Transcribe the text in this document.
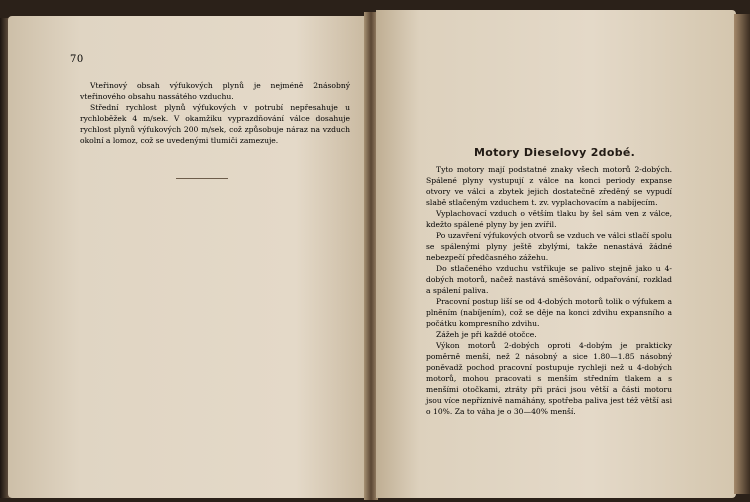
70

Vteřinový obsah výfukových plynů je nejméně 2násobný vteřinového obsahu nassátého vzduchu.

Střední rychlost plynů výfukových v potrubí nepřesahuje u rychloběžek 4 m/sek. V okamžiku vyprazdňování válce dosahuje rychlost plynů výfukových 200 m/sek, což způsobuje náraz na vzduch okolní a lomoz, což se uvedenými tlumiči zamezuje.

Motory Dieselovy 2dobé.

Tyto motory mají podstatné znaky všech motorů 2-dobých. Spálené plyny vystupují z válce na konci periody expanse otvory ve válci a zbytek jejich dostatečně zředěný se vypudí slabě stlačeným vzduchem t. zv. vyplachovacím a nabíjecím.

Vyplachovací vzduch o větším tlaku by šel sám ven z válce, kdežto spálené plyny by jen zvířil.

Po uzavření výfukových otvorů se vzduch ve válci stlačí spolu se spálenými plyny ještě zbylými, takže nenastává žádné nebezpečí předčasného zážehu.

Do stlačeného vzduchu vstřikuje se palivo stejně jako u 4-dobých motorů, načež nastává směšování, odpařování, rozklad a spálení paliva.

Pracovní postup liší se od 4-dobých motorů tolik o výfukem a plněním (nabíjením), což se děje na konci zdvihu expansního a počátku kompresního zdvihu.

Zážeh je při každé otočce.

Výkon motorů 2-dobých oproti 4-dobým je prakticky poměrně menší, než 2 násobný a sice 1.80—1.85 násobný poněvadž pochod pracovní postupuje rychleji než u 4-dobých motorů, mohou pracovati s menším středním tlakem a s menšími otočkami, ztráty při práci jsou větší a části motoru jsou více nepříznivě namáhány, spotřeba paliva jest též větší asi o 10%. Za to váha je o 30—40% menší.
